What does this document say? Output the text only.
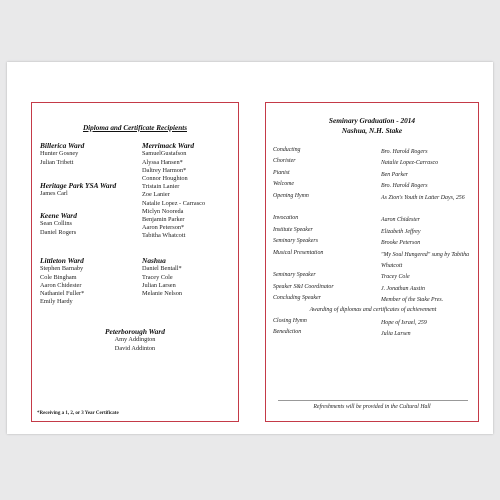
Diploma and Certificate Recipients
Billerica Ward
Hunter Gosney
Julian Tribett
Heritage Park YSA Ward
James Carl
Keene Ward
Sean Collins
Daniel Rogers
Littleton Ward
Stephen Barnaby
Cole Bingham
Aaron Chidester
Nathaniel Fuller*
Emily Hardy
Merrimack Ward
SamuelGustafson
Alyssa Hansen*
Daltrey Harmon*
Connor Houghton
Tristain Lanier
Zoe Lanier
Natalie Lopez - Carrasco
Miclyn Nooreda
Benjamin Parker
Aaron Peterson*
Tabitha Whatcott
Nashua
Daniel Bentall*
Tracey Cole
Julian Larsen
Melanie Nelson
Peterborough Ward
Amy Addington
David Addinton
*Receiving a 1, 2, or 3 Year Certificate
Seminary Graduation - 2014
Nashua, N.H. Stake
Conducting	Bro. Harold Rogers
Chorister	Natalie Lopez-Carrasco
Pianist	Ben Parker
Welcome	Bro. Harold Rogers
Opening Hymn	As Zion's Youth in Latter Days, 256
Invocation	Aaron Chidester
Institute Speaker	Elizabeth Jeffrey
Seminary Speakers	Brooke Peterson
Musical Presentation	"My Soul Hungered" sung by Tabitha Whatcott
Seminary Speaker	Tracey Cole
Speaker S&I Coordinator	J. Jonathan Austin
Concluding Speaker	Member of the Stake Pres.
Awarding of diplomas and certificates of achievement
Closing Hymn	Hope of Israel, 259
Benediction	Julia Larsen
Refreshments will be provided in the Cultural Hall
